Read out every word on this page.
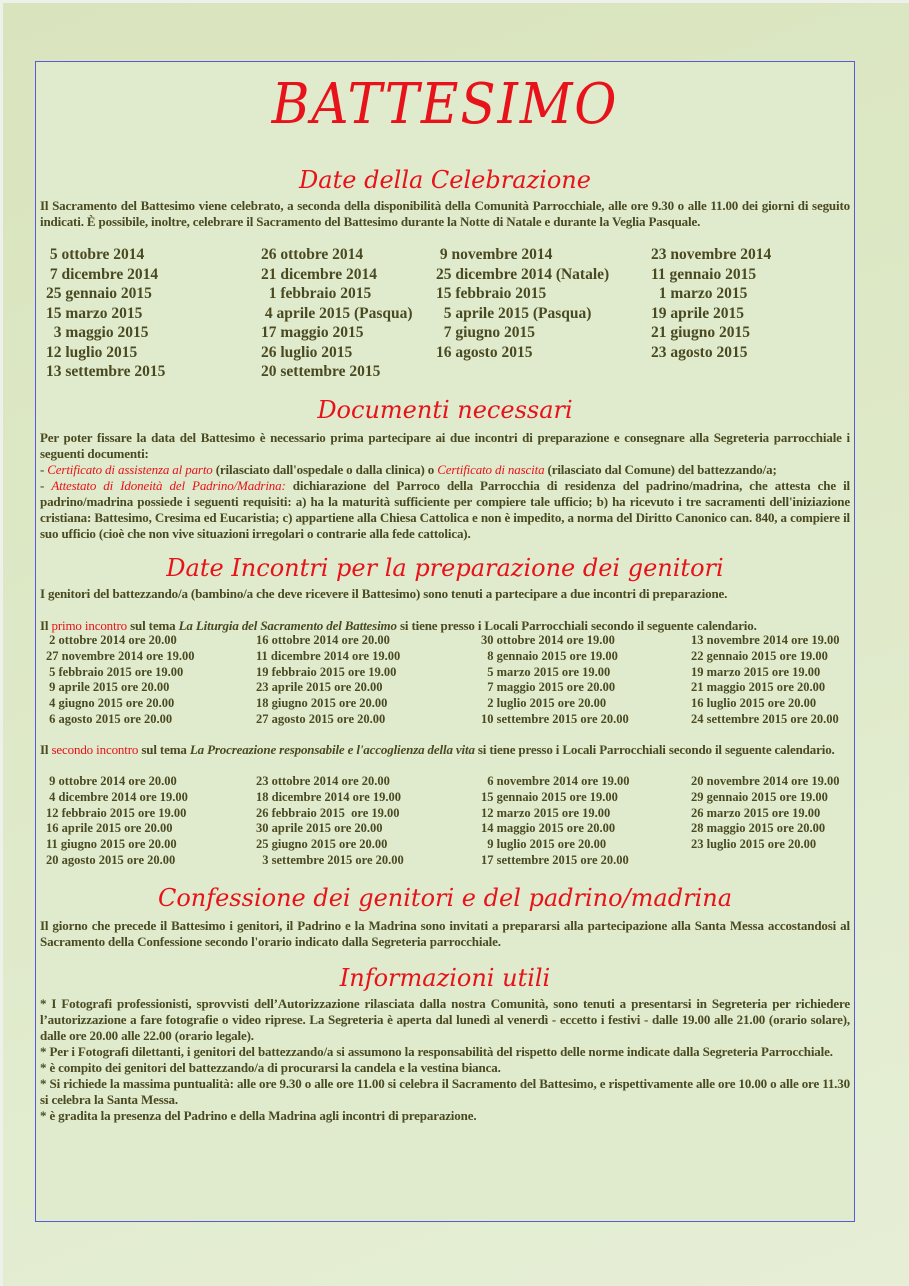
BATTESIMO
Date della Celebrazione

Il Sacramento del Battesimo viene celebrato, a seconda della disponibilità della Comunità Parrocchiale, alle ore 9.30 o alle 11.00 dei giorni di seguito indicati. È possibile, inoltre, celebrare il Sacramento del Battesimo durante la Notte di Natale e durante la Veglia Pasquale.

5 ottobre 2014	26 ottobre 2014	9 novembre 2014	23 novembre 2014
7 dicembre 2014	21 dicembre 2014	25 dicembre 2014 (Natale)	11 gennaio 2015
25 gennaio 2015	1 febbraio 2015	15 febbraio 2015	1 marzo 2015
15 marzo 2015	4 aprile 2015 (Pasqua)	5 aprile 2015 (Pasqua)	19 aprile 2015
3 maggio 2015	17 maggio 2015	7 giugno 2015	21 giugno 2015
12 luglio 2015	26 luglio 2015	16 agosto 2015	23 agosto 2015
13 settembre 2015	20 settembre 2015
Documenti necessari
Per poter fissare la data del Battesimo è necessario prima partecipare ai due incontri di preparazione e consegnare alla Segreteria parrocchiale i seguenti documenti:
- Certificato di assistenza al parto (rilasciato dall'ospedale o dalla clinica) o Certificato di nascita (rilasciato dal Comune) del battezzando/a;
- Attestato di Idoneità del Padrino/Madrina: dichiarazione del Parroco della Parrocchia di residenza del padrino/madrina, che attesta che il padrino/madrina possiede i seguenti requisiti: a) ha la maturità sufficiente per compiere tale ufficio; b) ha ricevuto i tre sacramenti dell'iniziazione cristiana: Battesimo, Cresima ed Eucaristia; c) appartiene alla Chiesa Cattolica e non è impedito, a norma del Diritto Canonico can. 840, a compiere il suo ufficio (cioè che non vive situazioni irregolari o contrarie alla fede cattolica).
Date Incontri per la preparazione dei genitori

I genitori del battezzando/a (bambino/a che deve ricevere il Battesimo) sono tenuti a partecipare a due incontri di preparazione.

Il primo incontro sul tema La Liturgia del Sacramento del Battesimo si tiene presso i Locali Parrocchiali secondo il seguente calendario.
2 ottobre 2014 ore 20.00	16 ottobre 2014 ore 20.00	30 ottobre 2014 ore 19.00	13 novembre 2014 ore 19.00
27 novembre 2014 ore 19.00	11 dicembre 2014 ore 19.00	8 gennaio 2015 ore 19.00	22 gennaio 2015 ore 19.00
5 febbraio 2015 ore 19.00	19 febbraio 2015 ore 19.00	5 marzo 2015 ore 19.00	19 marzo 2015 ore 19.00
9 aprile 2015 ore 20.00	23 aprile 2015 ore 20.00	7 maggio 2015 ore 20.00	21 maggio 2015 ore 20.00
4 giugno 2015 ore 20.00	18 giugno 2015 ore 20.00	2 luglio 2015 ore 20.00	16 luglio 2015 ore 20.00
6 agosto 2015 ore 20.00	27 agosto 2015 ore 20.00	10 settembre 2015 ore 20.00	24 settembre 2015 ore 20.00
Il secondo incontro sul tema La Procreazione responsabile e l'accoglienza della vita si tiene presso i Locali Parrocchiali secondo il seguente calendario.
9 ottobre 2014 ore 20.00	23 ottobre 2014 ore 20.00	6 novembre 2014 ore 19.00	20 novembre 2014 ore 19.00
4 dicembre 2014 ore 19.00	18 dicembre 2014 ore 19.00	15 gennaio 2015 ore 19.00	29 gennaio 2015 ore 19.00
12 febbraio 2015 ore 19.00	26 febbraio 2015  ore 19.00	12 marzo 2015 ore 19.00	26 marzo 2015 ore 19.00
16 aprile 2015 ore 20.00	30 aprile 2015 ore 20.00	14 maggio 2015 ore 20.00	28 maggio 2015 ore 20.00
11 giugno 2015 ore 20.00	25 giugno 2015 ore 20.00	9 luglio 2015 ore 20.00	23 luglio 2015 ore 20.00
20 agosto 2015 ore 20.00	3 settembre 2015 ore 20.00	17 settembre 2015 ore 20.00
Confessione dei genitori e del padrino/madrina

Il giorno che precede il Battesimo i genitori, il Padrino e la Madrina sono invitati a prepararsi alla partecipazione alla Santa Messa accostandosi al Sacramento della Confessione secondo l'orario indicato dalla Segreteria parrocchiale.

Informazioni utili
* I Fotografi professionisti, sprovvisti dell’Autorizzazione rilasciata dalla nostra Comunità, sono tenuti a presentarsi in Segreteria per richiedere l’autorizzazione a fare fotografie o video riprese. La Segreteria è aperta dal lunedì al venerdì - eccetto i festivi - dalle 19.00 alle 21.00 (orario solare), dalle ore 20.00 alle 22.00 (orario legale).
* Per i Fotografi dilettanti, i genitori del battezzando/a si assumono la responsabilità del rispetto delle norme indicate dalla Segreteria Parrocchiale.
* è compito dei genitori del battezzando/a di procurarsi la candela e la vestina bianca.
* Si richiede la massima puntualità: alle ore 9.30 o alle ore 11.00 si celebra il Sacramento del Battesimo, e rispettivamente alle ore 10.00 o alle ore 11.30 si celebra la Santa Messa.
* è gradita la presenza del Padrino e della Madrina agli incontri di preparazione.
